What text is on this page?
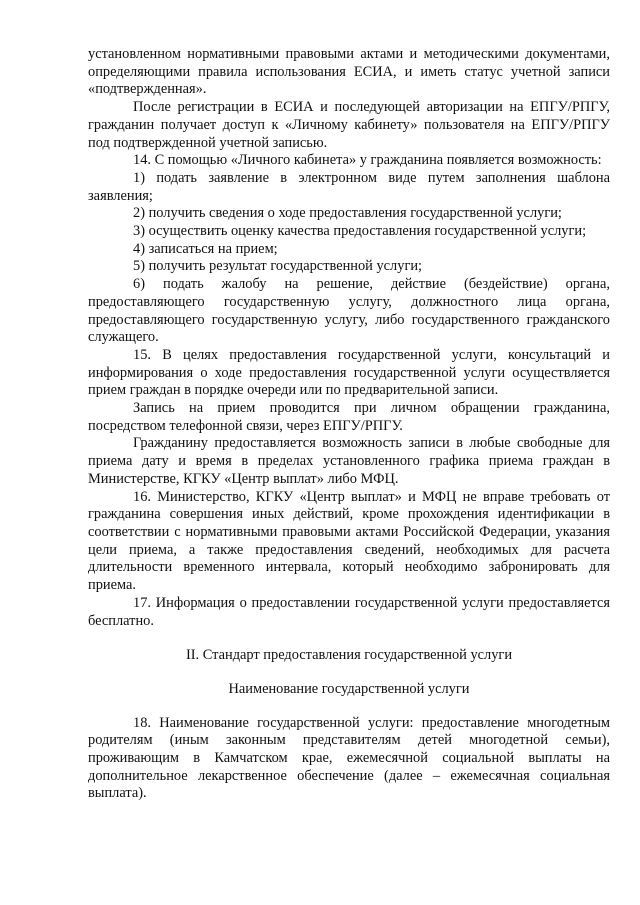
установленном нормативными правовыми актами и методическими документами, определяющими правила использования ЕСИА, и иметь статус учетной записи «подтвержденная».

После регистрации в ЕСИА и последующей авторизации на ЕПГУ/РПГУ, гражданин получает доступ к «Личному кабинету» пользователя на ЕПГУ/РПГУ под подтвержденной учетной записью.

14. С помощью «Личного кабинета» у гражданина появляется возможность:

1) подать заявление в электронном виде путем заполнения шаблона заявления;

2) получить сведения о ходе предоставления государственной услуги;

3) осуществить оценку качества предоставления государственной услуги;

4) записаться на прием;

5) получить результат государственной услуги;

6) подать жалобу на решение, действие (бездействие) органа, предоставляющего государственную услугу, должностного лица органа, предоставляющего государственную услугу, либо государственного гражданского служащего.

15. В целях предоставления государственной услуги, консультаций и информирования о ходе предоставления государственной услуги осуществляется прием граждан в порядке очереди или по предварительной записи.

Запись на прием проводится при личном обращении гражданина, посредством телефонной связи, через ЕПГУ/РПГУ.

Гражданину предоставляется возможность записи в любые свободные для приема дату и время в пределах установленного графика приема граждан в Министерстве, КГКУ «Центр выплат» либо МФЦ.

16. Министерство, КГКУ «Центр выплат» и МФЦ не вправе требовать от гражданина совершения иных действий, кроме прохождения идентификации в соответствии с нормативными правовыми актами Российской Федерации, указания цели приема, а также предоставления сведений, необходимых для расчета длительности временного интервала, который необходимо забронировать для приема.

17. Информация о предоставлении государственной услуги предоставляется бесплатно.

II. Стандарт предоставления государственной услуги
Наименование государственной услуги

18. Наименование государственной услуги: предоставление многодетным родителям (иным законным представителям детей многодетной семьи), проживающим в Камчатском крае, ежемесячной социальной выплаты на дополнительное лекарственное обеспечение (далее – ежемесячная социальная выплата).
